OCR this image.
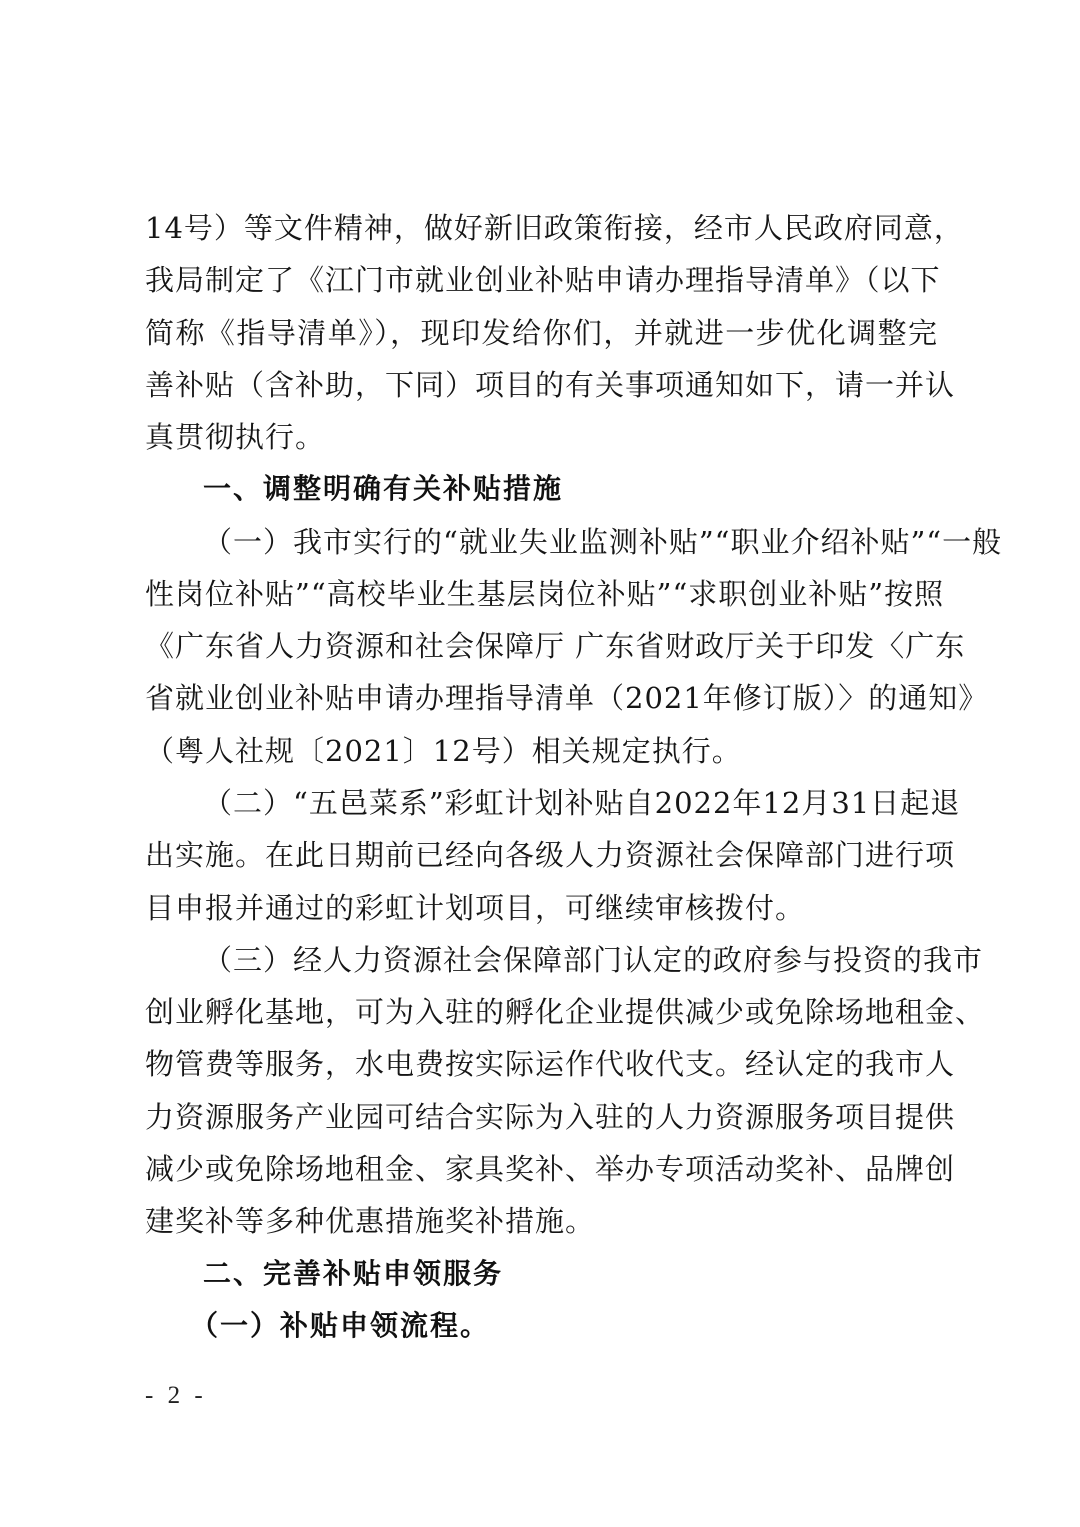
14号）等文件精神，做好新旧政策衔接，经市人民政府同意，
我局制定了《江门市就业创业补贴申请办理指导清单》（以下
简称《指导清单》），现印发给你们，并就进一步优化调整完
善补贴（含补助，下同）项目的有关事项通知如下，请一并认
真贯彻执行。
一、调整明确有关补贴措施
（一）我市实行的“就业失业监测补贴”“职业介绍补贴”“一般
性岗位补贴”“高校毕业生基层岗位补贴”“求职创业补贴”按照
《广东省人力资源和社会保障厅 广东省财政厅关于印发〈广东
省就业创业补贴申请办理指导清单（2021年修订版）〉的通知》
（粤人社规〔2021〕12号）相关规定执行。
（二）“五邑菜系”彩虹计划补贴自2022年12月31日起退
出实施。在此日期前已经向各级人力资源社会保障部门进行项
目申报并通过的彩虹计划项目，可继续审核拨付。
（三）经人力资源社会保障部门认定的政府参与投资的我市
创业孵化基地，可为入驻的孵化企业提供减少或免除场地租金、
物管费等服务，水电费按实际运作代收代支。经认定的我市人
力资源服务产业园可结合实际为入驻的人力资源服务项目提供
减少或免除场地租金、家具奖补、举办专项活动奖补、品牌创
建奖补等多种优惠措施奖补措施。
二、完善补贴申领服务
（一）补贴申领流程。
- 2 -
